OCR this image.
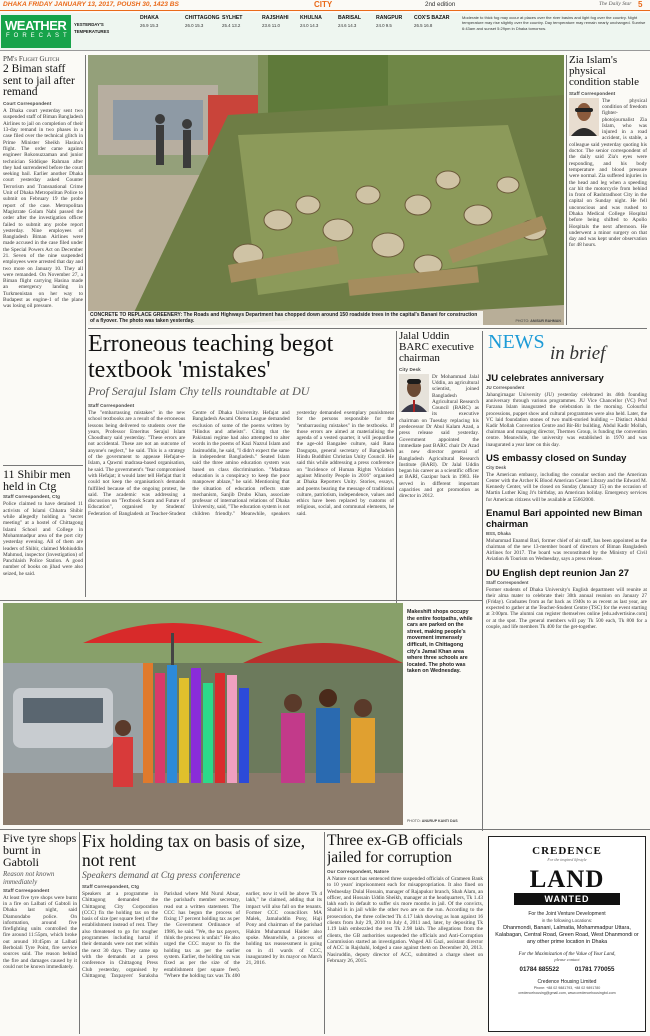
DHAKA FRIDAY JANUARY 13, 2017, POUSH 30, 1423 BS	CITY	2nd edition	The Daily Star 5
WEATHER
FORECAST
YESTERDAY'S
TEMPERATURES
DHAKA
26.9 15.3
CHITTAGONG
26.0 15.3
SYLHET
25.4 13.2
RAJSHAHI
23.6 11.0
KHULNA
24.0 14.3
BARISAL
24.6 14.3
RANGPUR
24.0 9.5
COX'S BAZAR
26.5 16.8
Moderate to thick fog may occur at places over the river basins and light fog over the country. Night temperature may rise slightly over the country. Day temperature may remain nearly unchanged. Sunrise 6:43am and sunset 5:29pm in Dhaka tomorrow.
PM's Flight Glitch
2 Biman staff sent to jail after remand
Court Correspondent
A Dhaka court yesterday sent two suspended staff of Biman Bangladesh Airlines to jail on completion of their 13-day remand in two phases in a case filed over the technical glitch in Prime Minister Sheikh Hasina's flight. The order came against engineer Rokonuzzaman and junior technician Siddique Rahman after they had surrendered before the court seeking bail. Earlier another Dhaka court yesterday asked Counter Terrorism and Transnational Crime Unit of Dhaka Metropolitan Police to submit on February 19 the probe report of the case. Metropolitan Magistrate Golam Nabi passed the order after the investigation officer failed to submit any probe report yesterday. Nine employees of Bangladesh Biman Airlines were made accused in the case filed under the Special Powers Act on December 21. Seven of the nine suspended employees were arrested that day and two more on January 10. They all were remanded. On November 27, a Biman flight carrying Hasina made an emergency landing in Turkmenistan on her way to Budapest as engine-1 of the plane was losing oil pressure.
11 Shibir men held in Ctg
Staff Correspondent, Ctg
Police claimed to have detained 11 activists of Islami Chhatra Shibir while allegedly holding a "secret meeting" at a hostel of Chittagong Islami School and College in Mohammadpur area of the port city yesterday evening. All of them are leaders of Shibir, claimed Mohiuddin Mahmud, inspector (investigation) of Panchlaish Police Station. A good number of books on jihad were also seized, he said.
CONCRETE TO REPLACE GREENERY: The Roads and Highways Department has chopped down around 150 roadside trees in the capital's Banani for construction of a flyover. The photo was taken yesterday.	PHOTO: ANISUR RAHMAN
Zia Islam's physical condition stable
Staff Correspondent
The physical condition of freedom fighter-photojournalist Zia Islam, who was injured in a road accident, is stable, a colleague said yesterday quoting his doctor. The senior correspondent of the daily said Zia's eyes were responding, and his body temperature and blood pressure were normal. Zia suffered injuries in the head and leg when a speeding car hit the motorcycle from behind in front of Rashtradhoot City in the capital on Sunday night. He fell unconscious and was rushed to Dhaka Medical College Hospital before being shifted to Apollo Hospitals the next afternoon. He underwent a minor surgery on that day and was kept under observation for 48 hours.
Erroneous teaching begot textbook 'mistakes'
Prof Serajul Islam Chy tells roundtable at DU
Staff Correspondent
The "embarrassing mistakes" in the new school textbooks are a result of the erroneous lessons being delivered to students over the years, Professor Emeritus Serajul Islam Choudhury said yesterday. "These errors are not accidental. These are not an outcome of anyone's neglect," he said. This is a strategy of the government to appease Hefajat-e-Islam, a Qawmi madrasa-based organisation, he said. The government's "fear compromised with Hefajat; it would later tell Hefajat that it could not keep the organisation's demands fulfilled because of the ongoing protest, he said. The academic was addressing a discussion on "Textbook Scam and Future of Education", organised by Students' Federation of Bangladesh at Teacher-Student Centre of Dhaka University. Hefajat and Bangladesh Awami Olema League demanded exclusion of some of the poems written by "Hindus and atheists". Citing that the Pakistani regime had also attempted to alter words in the poems of Kazi Nazrul Islam and Jasimuddin, he said, "I didn't expect the same in independent Bangladesh." Seated Islam said the three amino education system was based on class discrimination. "Madrasa education is a conspiracy to keep the poor manpower ablaze," he said. Mentioning that the situation of education reflects state mechanism, Sanjib Drubo Khan, associate professor of international relations of Dhaka University, said, "The education system is not children friendly." Meanwhile, speakers yesterday demanded exemplary punishment for the persons responsible for the "embarrassing mistakes" in the textbooks. If those errors are aimed at materialising the agenda of a vested quarter, it will jeopardise the age-old Bangalee culture, said Rana Dasgupta, general secretary of Bangladesh Hindu Buddhist Christian Unity Council. He said this while addressing a press conference on "Incidence of Human Rights Violation against Minority People in 2016" organised at Dhaka Reporters Unity. Stories, essays, and poems bearing the message of traditional culture, patriotism, independence, values and ethics have been replaced by customs of religious, social, and communal elements, he said.
Jalal Uddin BARC executive chairman
City Desk
Dr Mohammad Jalal Uddin, an agricultural scientist, joined Bangladesh Agricultural Research Council (BARC) as its executive chairman on Tuesday replacing his predecessor Dr Abul Kalam Azad, a press release said yesterday. Government appointed the immediate past BARC chair Dr Azad as new director general of Bangladesh Agricultural Research Institute (BARI). Dr Jalal Uddin began his career as a scientific officer at BARI, Gazipur back in 1983. He served in different important capacities and got promotion as director in 2012.
NEWS
in brief
JU celebrates anniversary
JU Correspondent
Jahangirnagar University (JU) yesterday celebrated its 46th founding anniversary through various programmes. JU Vice Chancellor (VC) Prof Farzana Islam inaugurated the celebration in the morning. Colourful processions, puppet show and cultural programmes were also held. Later, the VC laid foundation stones of two multi-storied building -- Distinct Abdul Kadir Mollah Convention Centre and Bir-Bir building, Abdul Kadir Mollah, chairman and managing director, Thermex Group, is funding the convention centre. Meanwhile, the university was established in 1970 and was inaugurated a year later on this day.
US embassy closed on Sunday
City Desk
The American embassy, including the consular section and the American Center with the Archer K Blood American Center Library and the Edward M. Kennedy Center, will be closed on Sunday (January 15) on the occasion of Martin Luther King Jr's birthday, an American holiday. Emergency services for American citizens will be available at 55662000.
Enamul Bari appointed new Biman chairman
BSS, Dhaka
Mohammad Enamul Bari, former chief of air staff, has been appointed as the chairman of the new 13-member board of directors of Biman Bangladesh Airlines for 2017. The board was reconstituted by the Ministry of Civil Aviation & Tourism on Wednesday, says a press release.
DU English dept reunion Jan 27
Staff Correspondent
Former students of Dhaka University's English department will reunite at their alma mater to celebrate their 30th annual reunion on January 27 (Friday). Graduates from as far back as 1940s to as recent as last year, are expected to gather at the Teacher-Student Centre (TSC) for the event starting at 3:00pm. The alumni can register themselves online [edu.advertisine.com] or at the spot. The general members will pay Tk 500 each, Tk 800 for a couple, and life members Tk 400 for the get-together.
Makeshift shops occupy the entire footpaths, while cars are parked on the street, making people's movement immensely difficult, in Chittagong city's Jamal Khan area where three schools are located. The photo was taken on Wednesday.
PHOTO: ANURUP KANTI DAS
Five tyre shops burnt in Gabtoli
Reason not known immediately
Staff Correspondent
At least five tyre shops were burnt in a fire on Lalbati of Gabtoli in Dhaka last night, said Diamondabo police. On information, around five firefighting units controlled the fire around 11:55pm, which broke out around 10:45pm at Lalbati Berboiali Tyre Point, fire service sources said. The reason behind the fire and damages caused by it could not be known immediately.
Fix holding tax on basis of size, not rent
Speakers demand at Ctg press conference
Staff Correspondent, Ctg
Speakers at a programme in Chittagong demanded the Chittagong City Corporation (CCC) fix the holding tax on the basis of size (per square feet) of the establishment instead of rent. They also threatened to go for tougher programmes including hartal if their demands were not met within the next 30 days. They came up with the demands at a press conference in Chittagong Press Club yesterday, organised by Chittagong Taxpayers' Suraksha Parishad where Md Nurul Absar, the parishad's member secretary, read out a written statement. The CCC has begun the process of fixing 17 percent holding tax as per the Government Ordinance of 1986, he said. "We, the tax payers, think the process is unfair." He also urged the CCC mayor to fix the holding tax as per the earlier system. Earlier, the holding tax was fixed as per the size of the establishment (per square feet). "Where the holding tax was Tk 400 earlier, now it will be above Tk 4 lakh," he claimed, adding that its impact will also fall on the tenants. Former CCC councillors MA Malek, Jamaluddin Pony, Haji Pony and chairman of the parishad Hakim Muhammad Haider also spoke. Meanwhile, a process of holding tax reassessment is going on in 41 wards of CCC, inaugurated by its mayor on March 21, 2016.
Three ex-GB officials jailed for corruption
Our Correspondent, Natore
A Natore court has sentenced three suspended officials of Grameen Bank to 10 years' imprisonment each for misappropriation. It also fined on Wednesday Dulal Hossain, manager of Rajapukur branch, Shah Alam, an officer, and Hossain Uddin Sheikh, manager at the headquarters, Tk 1.43 lakh each in default to suffer six more months in jail. Of the convicts, Shahid is in jail while the other two are on the run. According to the prosecution, the three collected Tk 4.17 lakh showing as loan against 16 clients from July 29, 2010 to July 4, 2011 and, later, by depositing Tk 1.19 lakh embezzled the rest Tk 2.98 lakh. The allegations from the clients, the GB authorities suspended the officials and Anti-Corruption Commission started an investigation. Waged Ali Gazi, assistant director of ACC in Rajshahi, lodged a case against them on December 20, 2013. Nasiruddin, deputy director of ACC, submitted a charge sheet on February 26, 2015.
CREDENCE
For the inspired lifestyle
LAND
WANTED
For the Joint Venture Development
in the following Locations:
Dhanmondi, Banani, Lalmatia, Mohammadpur Uttara, Kalabagan, Central Road, Green Road, West Dhanmondi or any other prime location in Dhaka
For the Maximization of the Value of Your Land,
please contact
01784 885522	01781 770055
Credence Housing Limited
Phone: +88 02 9881793, +88 02 9891780
credencehousing@gmail.com, www.credencehousingbd.com
